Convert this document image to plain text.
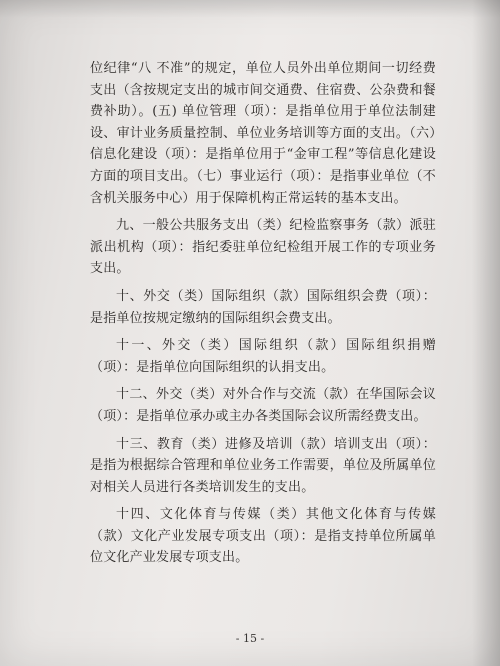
位纪律“八 不准”的规定，单位人员外出单位期间一切经费支出（含按规定支出的城市间交通费、住宿费、公杂费和餐费补助）。(五) 单位管理（项）：是指单位用于单位法制建设、审计业务质量控制、单位业务培训等方面的支出。（六）信息化建设（项）：是指单位用于“金审工程”等信息化建设方面的项目支出。（七）事业运行（项）：是指事业单位（不含机关服务中心）用于保障机构正常运转的基本支出。

九、一般公共服务支出（类）纪检监察事务（款）派驻派出机构（项）：指纪委驻单位纪检组开展工作的专项业务支出。

十、外交（类）国际组织（款）国际组织会费（项）：是指单位按规定缴纳的国际组织会费支出。

十一、外交（类）国际组织（款）国际组织捐赠（项）：是指单位向国际组织的认捐支出。

十二、外交（类）对外合作与交流（款）在华国际会议（项）：是指单位承办或主办各类国际会议所需经费支出。

十三、教育（类）进修及培训（款）培训支出（项）：是指为根据综合管理和单位业务工作需要，单位及所属单位对相关人员进行各类培训发生的支出。

十四、文化体育与传媒（类）其他文化体育与传媒（款）文化产业发展专项支出（项）：是指支持单位所属单位文化产业发展专项支出。

- 15 -
